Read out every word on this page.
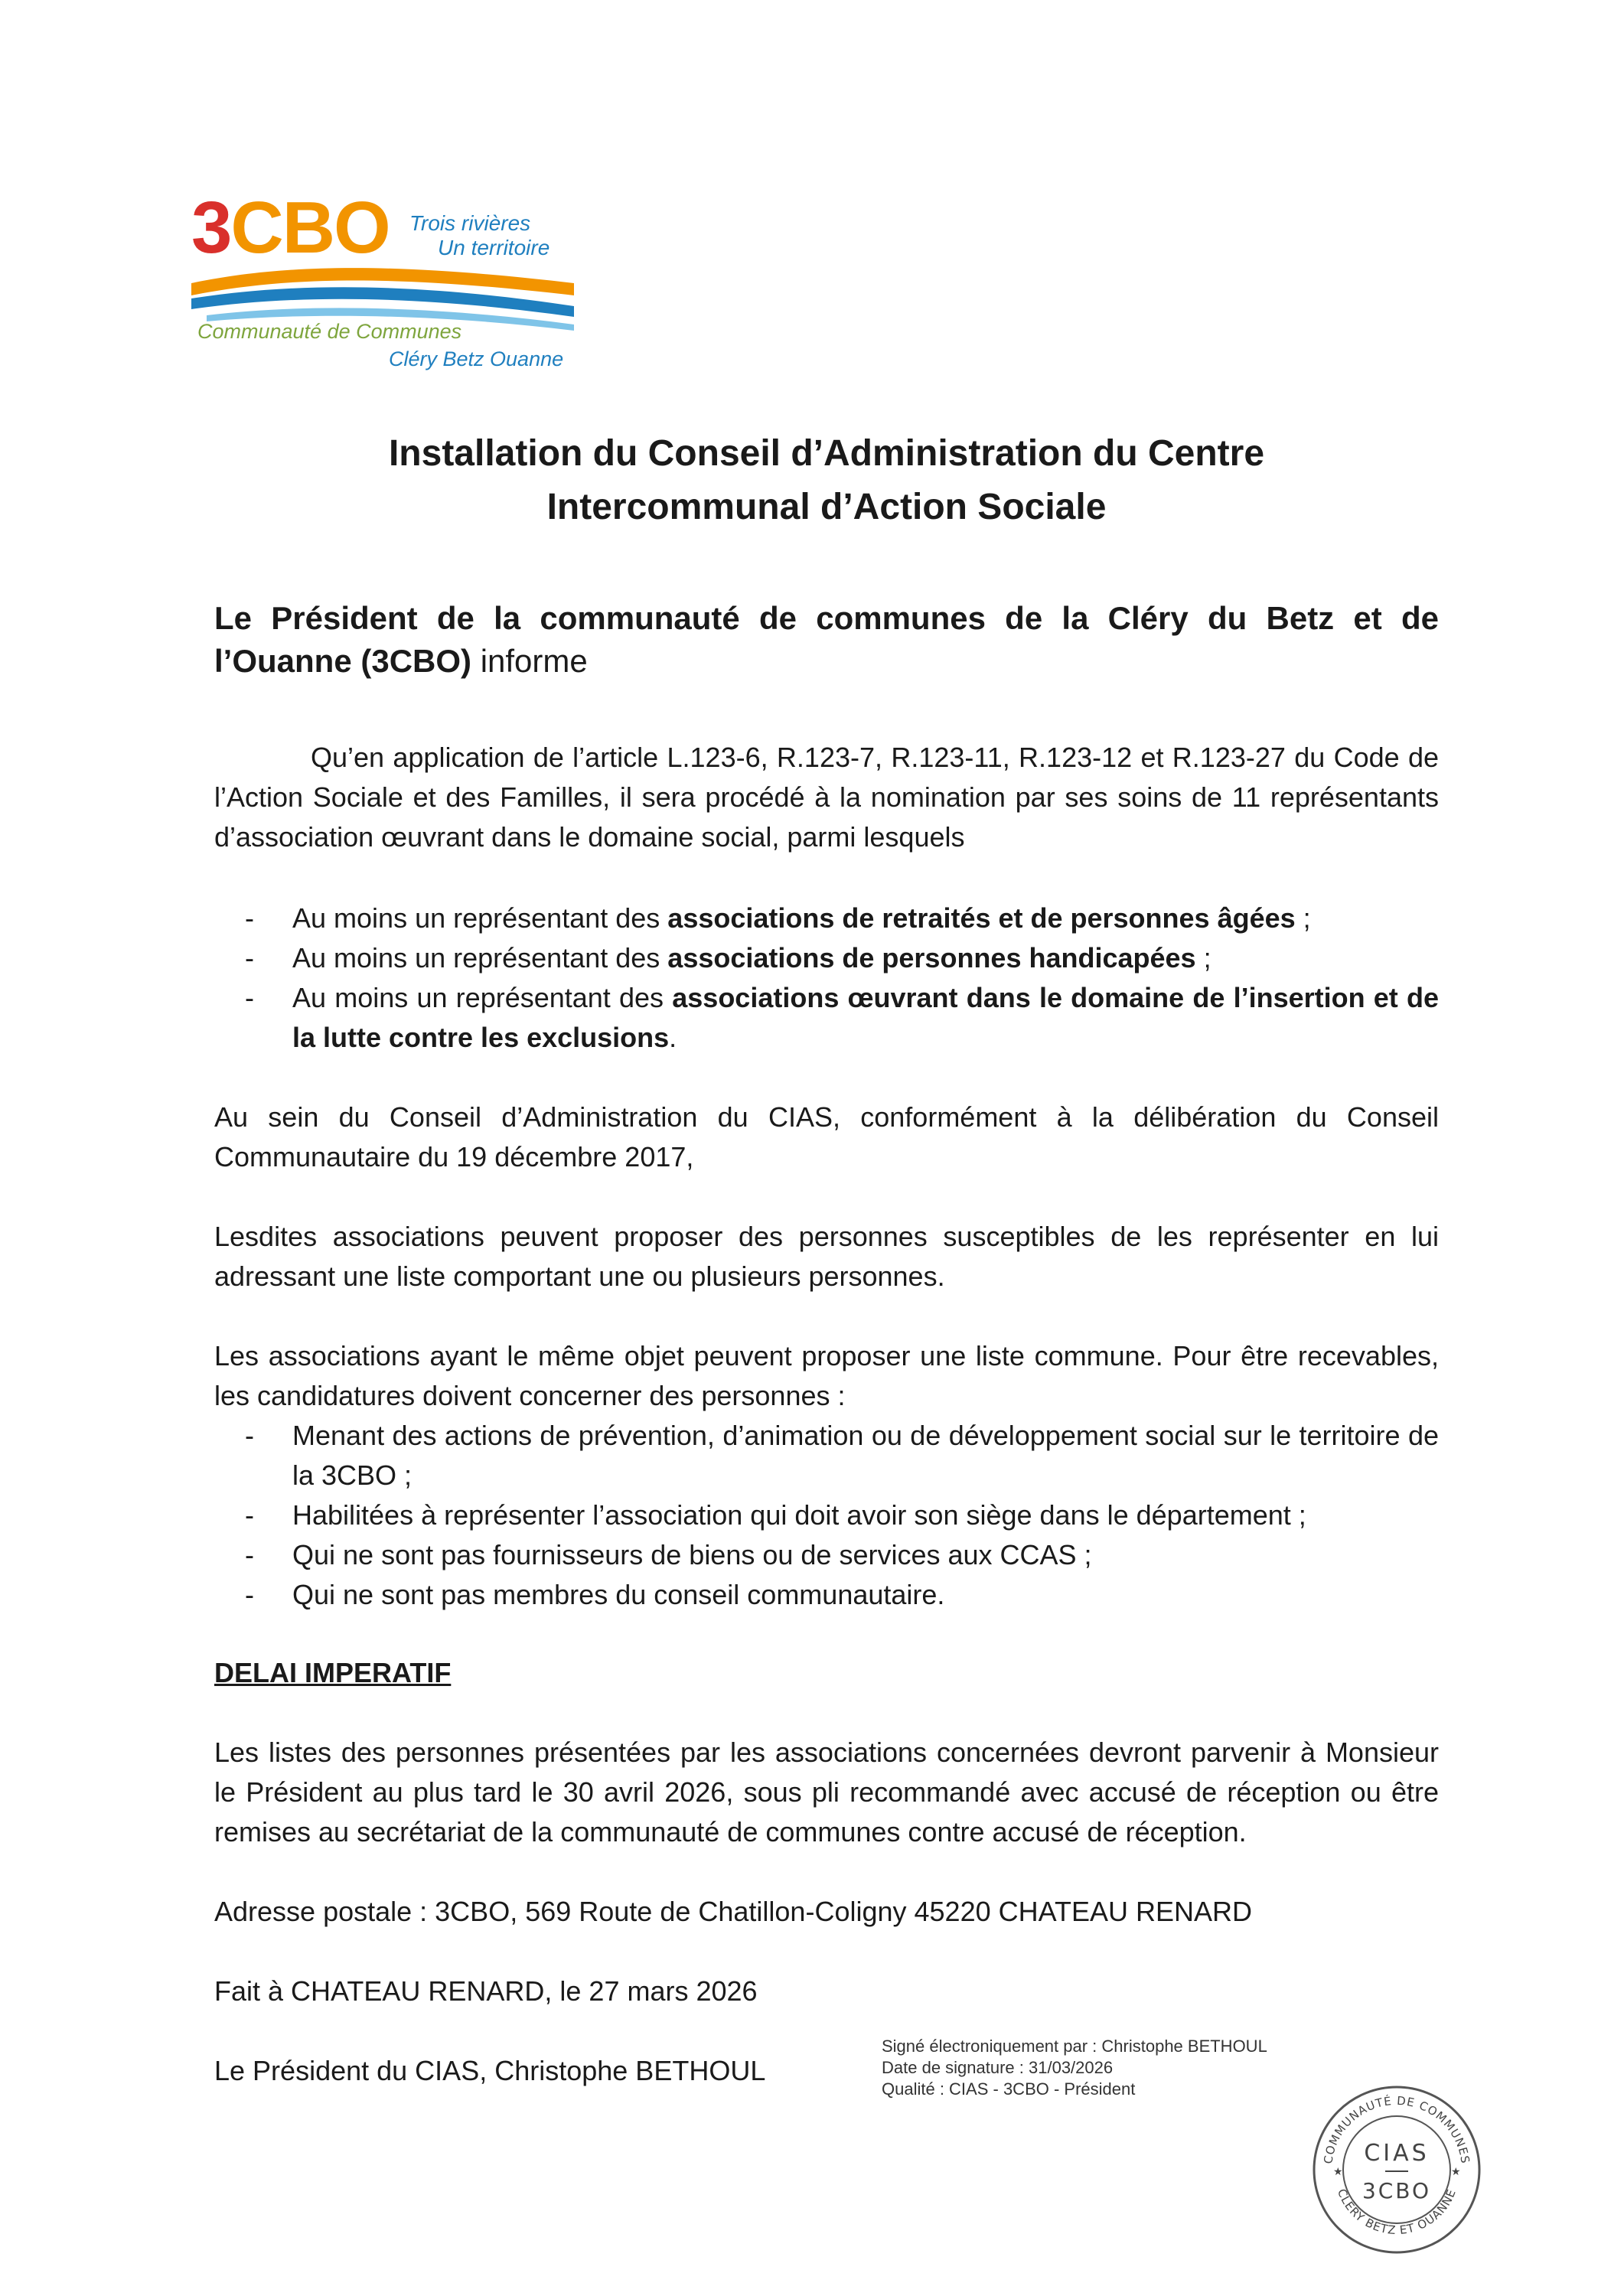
3CBO Trois rivières
Un territoire
Communauté de Communes
Cléry Betz Ouanne
Installation du Conseil d’Administration du Centre
Intercommunal d’Action Sociale
Le Président de la communauté de communes de la Cléry du Betz et de l’Ouanne (3CBO) informe
Qu’en application de l’article L.123-6, R.123-7, R.123-11, R.123-12 et R.123-27 du Code de l’Action Sociale et des Familles, il sera procédé à la nomination par ses soins de 11 représentants d’association œuvrant dans le domaine social, parmi lesquels
- Au moins un représentant des associations de retraités et de personnes âgées ;
- Au moins un représentant des associations de personnes handicapées ;
- Au moins un représentant des associations œuvrant dans le domaine de l’insertion et de la lutte contre les exclusions.
Au sein du Conseil d’Administration du CIAS, conformément à la délibération du Conseil Communautaire du 19 décembre 2017,
Lesdites associations peuvent proposer des personnes susceptibles de les représenter en lui adressant une liste comportant une ou plusieurs personnes.
Les associations ayant le même objet peuvent proposer une liste commune. Pour être recevables, les candidatures doivent concerner des personnes :
- Menant des actions de prévention, d’animation ou de développement social sur le territoire de la 3CBO ;
- Habilitées à représenter l’association qui doit avoir son siège dans le département ;
- Qui ne sont pas fournisseurs de biens ou de services aux CCAS ;
- Qui ne sont pas membres du conseil communautaire.
DELAI IMPERATIF
Les listes des personnes présentées par les associations concernées devront parvenir à Monsieur le Président au plus tard le 30 avril 2026, sous pli recommandé avec accusé de réception ou être remises au secrétariat de la communauté de communes contre accusé de réception.
Adresse postale : 3CBO, 569 Route de Chatillon-Coligny 45220 CHATEAU RENARD
Fait à CHATEAU RENARD, le 27 mars 2026
Le Président du CIAS, Christophe BETHOUL
Signé électroniquement par : Christophe BETHOUL
Date de signature : 31/03/2026
Qualité : CIAS - 3CBO - Président
COMMUNAUTÉ DE COMMUNES
CLÉRY BETZ ET OUANNE
CIAS
3CBO
★	★
